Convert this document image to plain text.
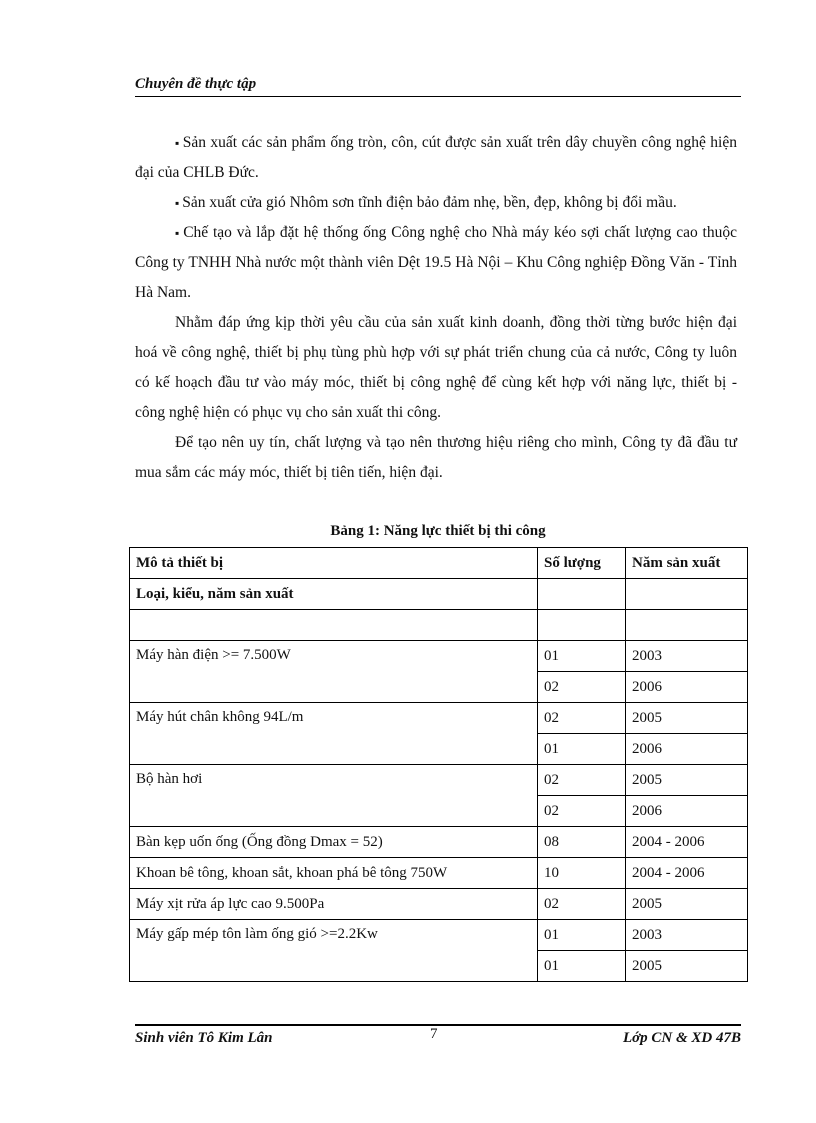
Chuyên đề thực tập

▪ Sản xuất các sản phẩm ống tròn, côn, cút được sản xuất trên dây chuyền công nghệ hiện đại của CHLB Đức.

▪ Sản xuất cửa gió Nhôm sơn tĩnh điện bảo đảm nhẹ, bền, đẹp, không bị đổi mầu.

▪ Chế tạo và lắp đặt hệ thống ống Công nghệ cho Nhà máy kéo sợi chất lượng cao thuộc Công ty TNHH Nhà nước một thành viên Dệt 19.5 Hà Nội – Khu Công nghiệp Đồng Văn - Tỉnh Hà Nam.

Nhằm đáp ứng kịp thời yêu cầu của sản xuất kinh doanh, đồng thời từng bước hiện đại hoá về công nghệ, thiết bị phụ tùng phù hợp với sự phát triển chung của cả nước, Công ty luôn có kế hoạch đầu tư vào máy móc, thiết bị công nghệ để cùng kết hợp với năng lực, thiết bị - công nghệ hiện có phục vụ cho sản xuất thi công.

Để tạo nên uy tín, chất lượng và tạo nên thương hiệu riêng cho mình, Công ty đã đầu tư mua sắm các máy móc, thiết bị tiên tiến, hiện đại.

Bảng 1: Năng lực thiết bị thi công
Mô tả thiết bị	Số lượng	Năm sản xuất
Loại, kiểu, năm sản xuất		

Máy hàn điện >= 7.500W	01	2003
	02	2006
Máy hút chân không 94L/m	02	2005
	01	2006
Bộ hàn hơi	02	2005
	02	2006
Bàn kẹp uốn ống (Ống đồng Dmax = 52)	08	2004 - 2006
Khoan bê tông, khoan sắt, khoan phá bê tông 750W	10	2004 - 2006
Máy xịt rửa áp lực cao 9.500Pa	02	2005
Máy gấp mép tôn làm ống gió >=2.2Kw	01	2003
	01	2005
Sinh viên Tô Kim Lân	7	Lớp CN & XD 47B
